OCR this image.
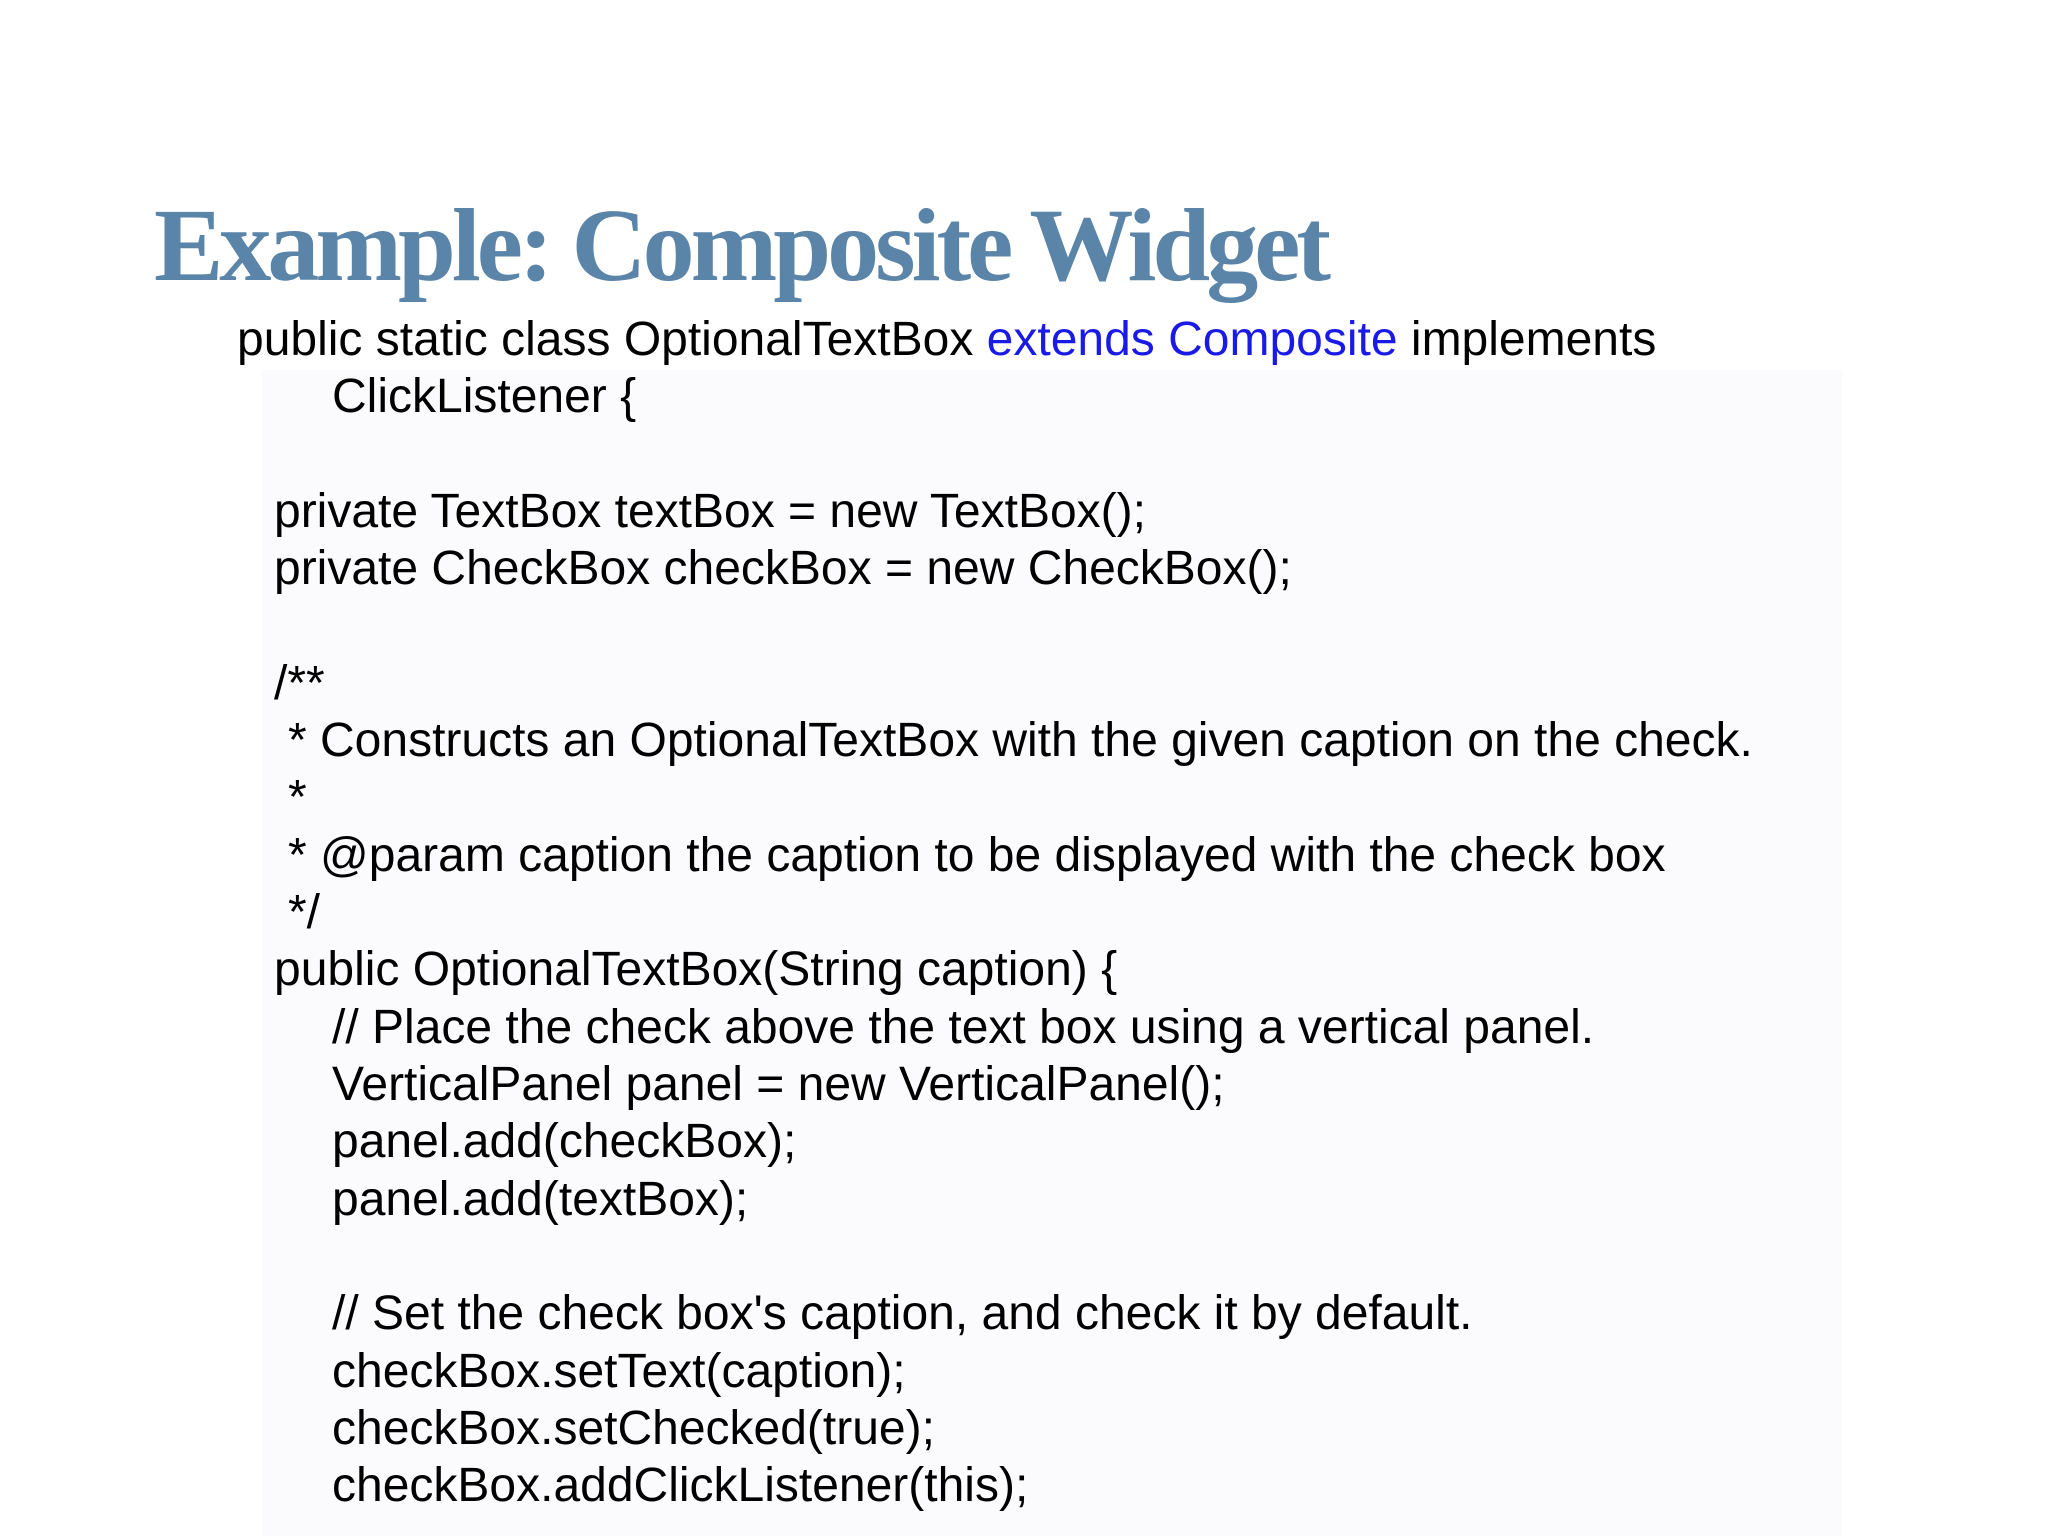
Example: Composite Widget
public static class OptionalTextBox extends Composite implements
ClickListener {
private TextBox textBox = new TextBox();
private CheckBox checkBox = new CheckBox();
/**
* Constructs an OptionalTextBox with the given caption on the check.
*
* @param caption the caption to be displayed with the check box
*/
public OptionalTextBox(String caption) {
// Place the check above the text box using a vertical panel.
VerticalPanel panel = new VerticalPanel();
panel.add(checkBox);
panel.add(textBox);
// Set the check box's caption, and check it by default.
checkBox.setText(caption);
checkBox.setChecked(true);
checkBox.addClickListener(this);
